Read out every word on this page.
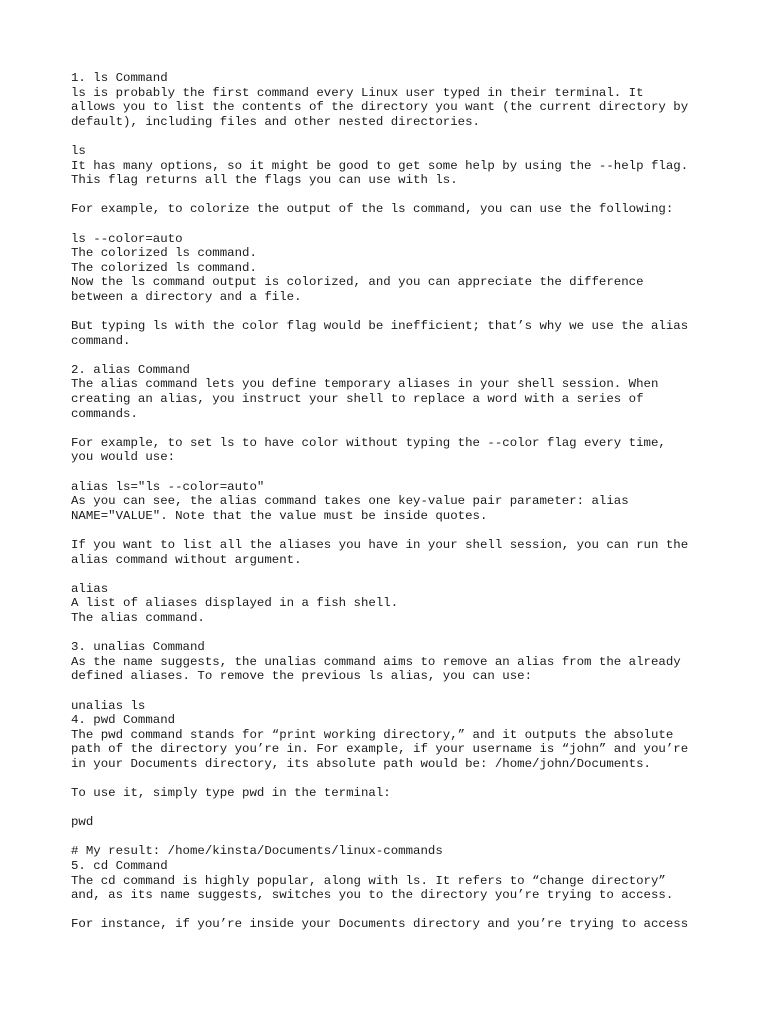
1. ls Command
ls is probably the first command every Linux user typed in their terminal. It
allows you to list the contents of the directory you want (the current directory by
default), including files and other nested directories.
ls
It has many options, so it might be good to get some help by using the --help flag.
This flag returns all the flags you can use with ls.
For example, to colorize the output of the ls command, you can use the following:
ls --color=auto
The colorized ls command.
The colorized ls command.
Now the ls command output is colorized, and you can appreciate the difference
between a directory and a file.
But typing ls with the color flag would be inefficient; that’s why we use the alias
command.
2. alias Command
The alias command lets you define temporary aliases in your shell session. When
creating an alias, you instruct your shell to replace a word with a series of
commands.
For example, to set ls to have color without typing the --color flag every time,
you would use:
alias ls="ls --color=auto"
As you can see, the alias command takes one key-value pair parameter: alias
NAME="VALUE". Note that the value must be inside quotes.
If you want to list all the aliases you have in your shell session, you can run the
alias command without argument.
alias
A list of aliases displayed in a fish shell.
The alias command.
3. unalias Command
As the name suggests, the unalias command aims to remove an alias from the already
defined aliases. To remove the previous ls alias, you can use:
unalias ls
4. pwd Command
The pwd command stands for “print working directory,” and it outputs the absolute
path of the directory you’re in. For example, if your username is “john” and you’re
in your Documents directory, its absolute path would be: /home/john/Documents.
To use it, simply type pwd in the terminal:
pwd
# My result: /home/kinsta/Documents/linux-commands
5. cd Command
The cd command is highly popular, along with ls. It refers to “change directory”
and, as its name suggests, switches you to the directory you’re trying to access.
For instance, if you’re inside your Documents directory and you’re trying to access
